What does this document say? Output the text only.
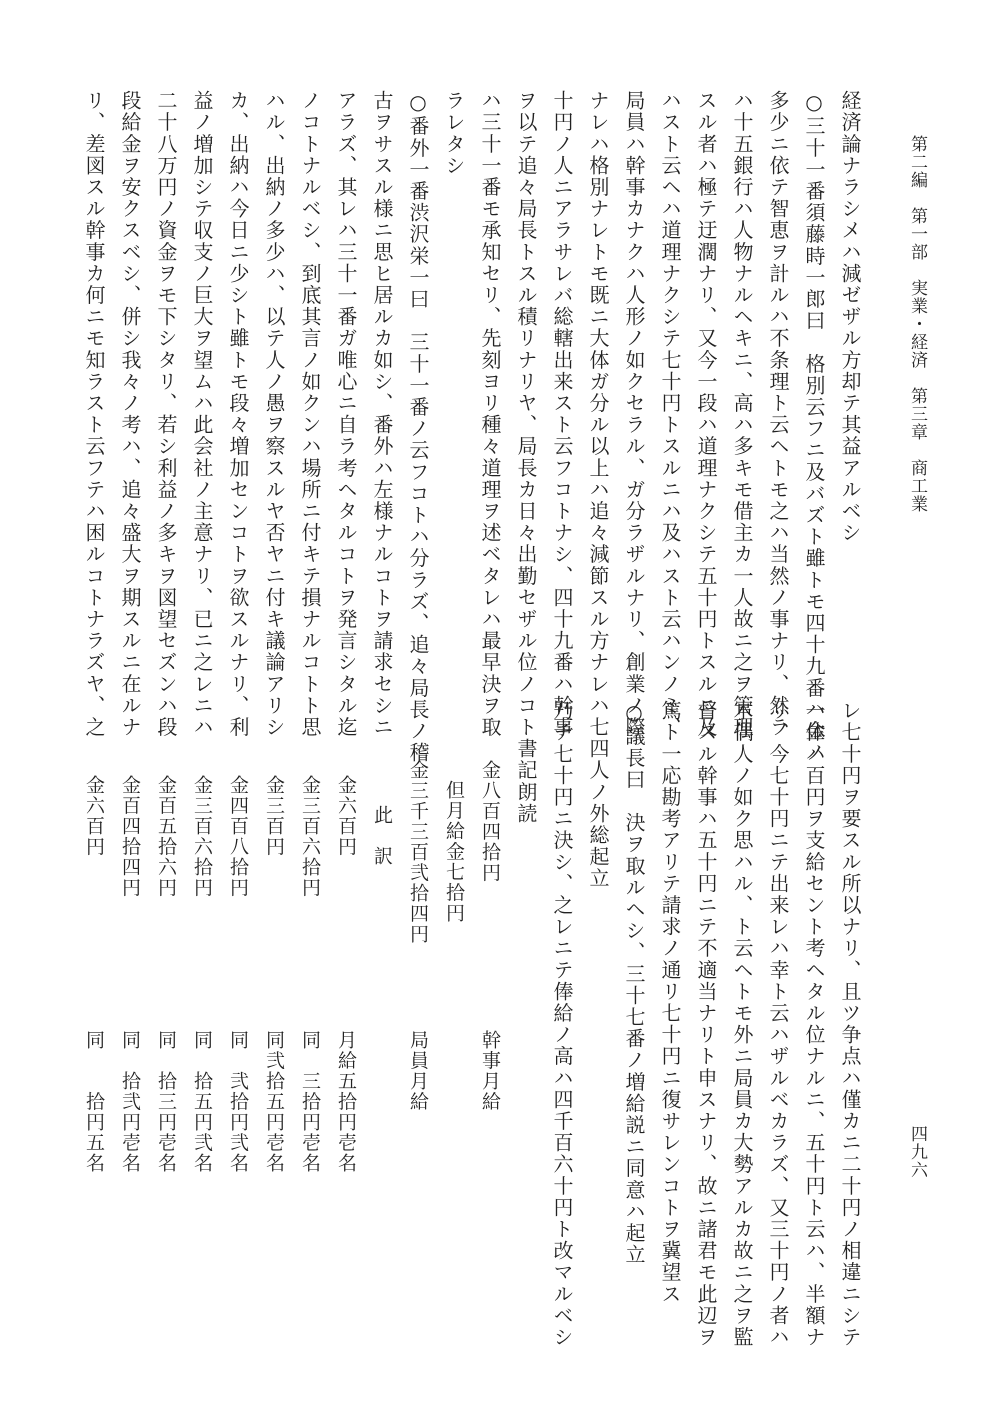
第二編　第一部　実業・経済　第三章　商工業
四九六
経済論ナラシメハ減ゼザル方却テ其益アルベシ
○三十一番須藤時一郎曰　格別云フニ及バズト雖トモ四十九番ハ金ノ
多少ニ依テ智恵ヲ計ルハ不条理ト云ヘトモ之ハ当然ノ事ナリ、然ラ
ハ十五銀行ハ人物ナルヘキニ、高ハ多キモ借主カ一人故ニ之ヲ管理
スル者ハ極テ迂濶ナリ、又今一段ハ道理ナクシテ五十円トスルニ及
ハスト云ヘハ道理ナクシテ七十円トスルニハ及ハスト云ハンノミ、
局員ハ幹事カナクハ人形ノ如クセラル、ガ分ラザルナリ、創業ノ際
ナレハ格別ナレトモ既ニ大体ガ分ル以上ハ追々減節スル方ナレハ七
十円ノ人ニアラサレバ総轄出来スト云フコトナシ、四十九番ハ幹事
ヲ以テ追々局長トスル積リナリヤ、局長カ日々出勤セザル位ノコト
ハ三十一番モ承知セリ、先刻ヨリ種々道理ヲ述ベタレハ最早決ヲ取
ラレタシ
○番外一番渋沢栄一曰　三十一番ノ云フコトハ分ラズ、追々局長ノ稽
古ヲサスル様ニ思ヒ居ルカ如シ、番外ハ左様ナルコトヲ請求セシニ
アラズ、其レハ三十一番ガ唯心ニ自ラ考ヘタルコトヲ発言シタル迄
ノコトナルベシ、到底其言ノ如クンハ場所ニ付キテ損ナルコトト思
ハル、出納ノ多少ハ、以テ人ノ愚ヲ察スルヤ否ヤニ付キ議論アリシ
カ、出納ハ今日ニ少シト雖トモ段々増加センコトヲ欲スルナリ、利
益ノ増加シテ収支ノ巨大ヲ望ムハ此会社ノ主意ナリ、已ニ之レニハ
二十八万円ノ資金ヲモ下シタリ、若シ利益ノ多キヲ図望セズンハ段
段給金ヲ安クスベシ、併シ我々ノ考ハ、追々盛大ヲ期スルニ在ルナ
リ、差図スル幹事カ何ニモ知ラスト云フテハ困ルコトナラズヤ、之
レ七十円ヲ要スル所以ナリ、且ツ争点ハ僅カニ二十円ノ相違ニシテ
一体ハ百円ヲ支給セント考ヘタル位ナルニ、五十円ト云ハ、半額ナ
リ、今七十円ニテ出来レハ幸ト云ハザルベカラズ、又三十円ノ者ハ
木偶人ノ如ク思ハル、ト云ヘトモ外ニ局員カ大勢アルカ故ニ之ヲ監
督スル幹事ハ五十円ニテ不適当ナリト申スナリ、故ニ諸君モ此辺ヲ
篤ト一応勘考アリテ請求ノ通リ七十円ニ復サレンコトヲ冀望ス
○議長曰　決ヲ取ルヘシ、三十七番ノ増給説ニ同意ハ起立
四人ノ外総起立
乃チ七十円ニ決シ、之レニテ俸給ノ高ハ四千百六十円ト改マルベシ
書記朗読
金八百四拾円
幹事月給
但月給金七拾円
金三千三百弐拾四円
局員月給
此　訳
金六百円
月給五拾円壱名
金三百六拾円
同　三拾円壱名
金三百円
同弐拾五円壱名
金四百八拾円
同　弐拾円弐名
金三百六拾円
同　拾五円弐名
金百五拾六円
同　拾三円壱名
金百四拾四円
同　拾弐円壱名
金六百円
同　　拾円五名
